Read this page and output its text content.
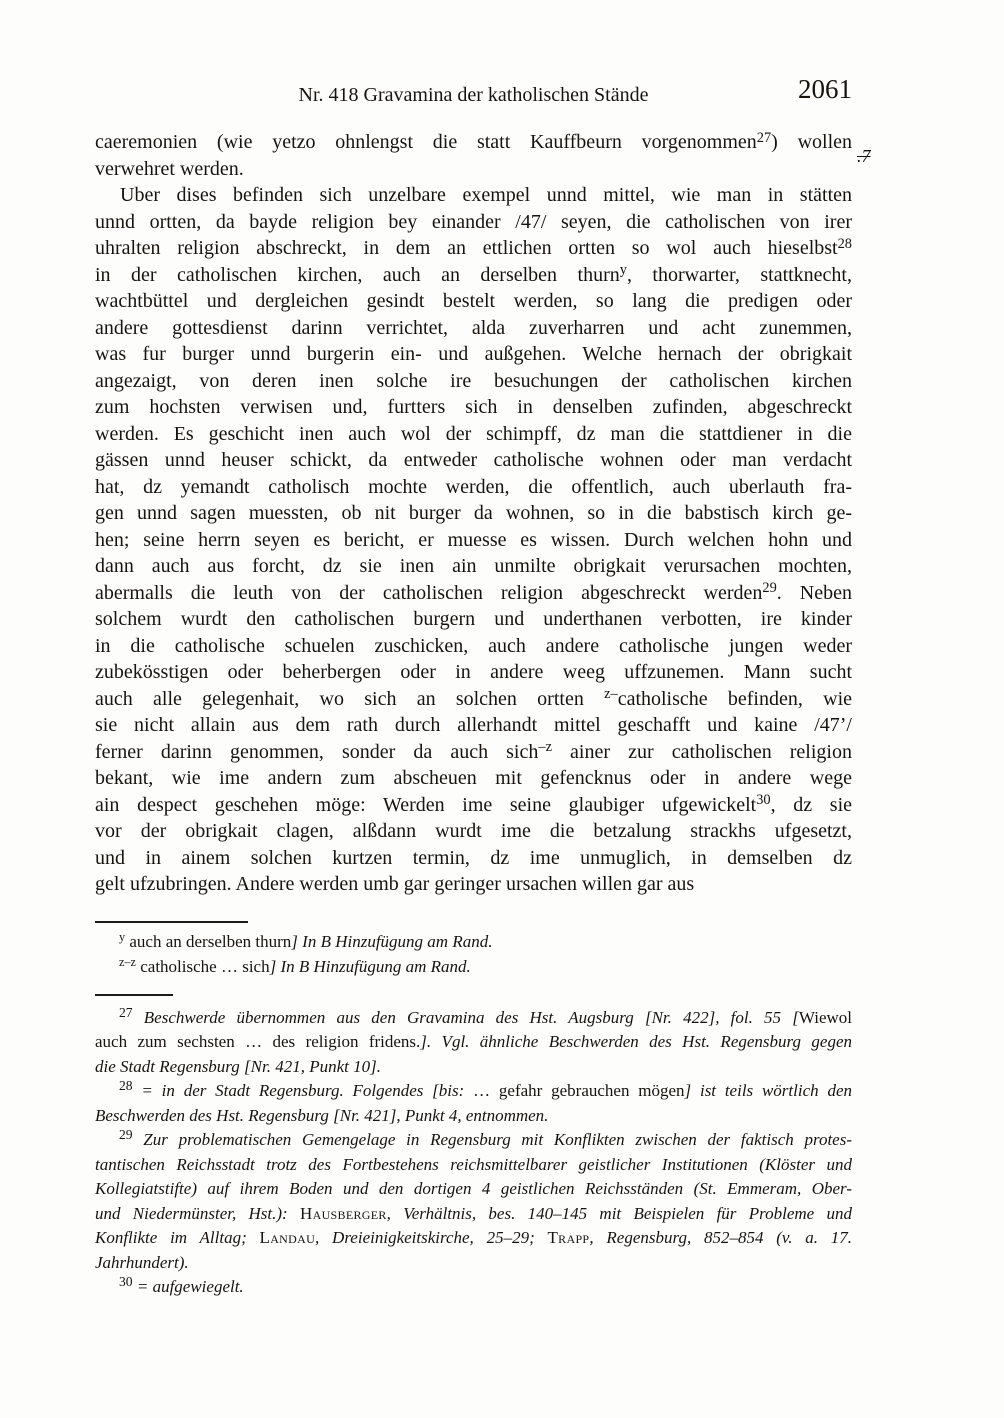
Nr. 418 Gravamina der katholischen Stände	2061
.7
caeremonien (wie yetzo ohnlengst die statt Kauffbeurn vorgenommen$^{27}$) wollen
verwehret werden.
Uber dises befinden sich unzelbare exempel unnd mittel, wie man in stätten
unnd ortten, da bayde religion bey einander /47/ seyen, die catholischen von irer
uhralten religion abschreckt, in dem an ettlichen ortten so wol auch hieselbst$^{28}$
in der catholischen kirchen, auch an derselben thurn$^y$, thorwarter, stattknecht,
wachtbüttel und dergleichen gesindt bestelt werden, so lang die predigen oder
andere gottesdienst darinn verrichtet, alda zuverharren und acht zunemmen,
was fur burger unnd burgerin ein- und außgehen. Welche hernach der obrigkait
angezaigt, von deren inen solche ire besuchungen der catholischen kirchen
zum hochsten verwisen und, furtters sich in denselben zufinden, abgeschreckt
werden. Es geschicht inen auch wol der schimpff, dz man die stattdiener in die
gässen unnd heuser schickt, da entweder catholische wohnen oder man verdacht
hat, dz yemandt catholisch mochte werden, die offentlich, auch uberlauth fra-
gen unnd sagen muessten, ob nit burger da wohnen, so in die babstisch kirch ge-
hen; seine herrn seyen es bericht, er muesse es wissen. Durch welchen hohn und
dann auch aus forcht, dz sie inen ain unmilte obrigkait verursachen mochten,
abermalls die leuth von der catholischen religion abgeschreckt werden$^{29}$. Neben
solchem wurdt den catholischen burgern und underthanen verbotten, ire kinder
in die catholische schuelen zuschicken, auch andere catholische jungen weder
zubekösstigen oder beherbergen oder in andere weeg uffzunemen. Mann sucht
auch alle gelegenhait, wo sich an solchen ortten $^{z-}$catholische befinden, wie
sie nicht allain aus dem rath durch allerhandt mittel geschafft und kaine /47’/
ferner darinn genommen, sonder da auch sich$^{-z}$ ainer zur catholischen religion
bekant, wie ime andern zum abscheuen mit gefencknus oder in andere wege
ain despect geschehen möge: Werden ime seine glaubiger ufgewickelt$^{30}$, dz sie
vor der obrigkait clagen, alßdann wurdt ime die betzalung strackhs ufgesetzt,
und in ainem solchen kurtzen termin, dz ime unmuglich, in demselben dz
gelt ufzubringen. Andere werden umb gar geringer ursachen willen gar aus
$^y$ auch an derselben thurn] In B Hinzufügung am Rand.
$^{z-z}$ catholische … sich] In B Hinzufügung am Rand.
$^{27}$ Beschwerde übernommen aus den Gravamina des Hst. Augsburg [Nr. 422], fol. 55 [Wiewol
auch zum sechsten … des religion fridens.]. Vgl. ähnliche Beschwerden des Hst. Regensburg gegen
die Stadt Regensburg [Nr. 421, Punkt 10].
$^{28}$ = in der Stadt Regensburg. Folgendes [bis: … gefahr gebrauchen mögen] ist teils wörtlich den
Beschwerden des Hst. Regensburg [Nr. 421], Punkt 4, entnommen.
$^{29}$ Zur problematischen Gemengelage in Regensburg mit Konflikten zwischen der faktisch protes-
tantischen Reichsstadt trotz des Fortbestehens reichsmittelbarer geistlicher Institutionen (Klöster und
Kollegiatstifte) auf ihrem Boden und den dortigen 4 geistlichen Reichsständen (St. Emmeram, Ober-
und Niedermünster, Hst.): Hausberger, Verhältnis, bes. 140–145 mit Beispielen für Probleme und
Konflikte im Alltag; Landau, Dreieinigkeitskirche, 25–29; Trapp, Regensburg, 852–854 (v. a. 17.
Jahrhundert).
$^{30}$ = aufgewiegelt.
